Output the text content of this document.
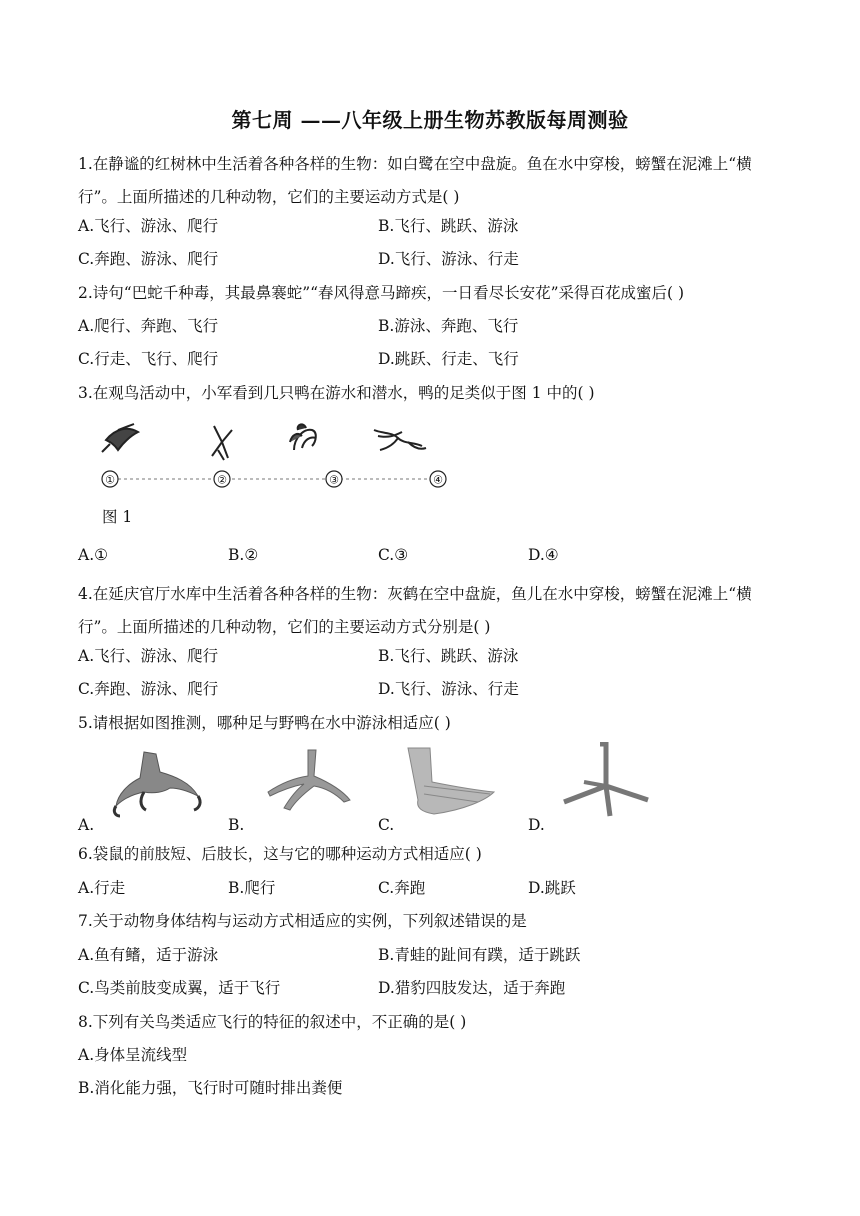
第七周 ——八年级上册生物苏教版每周测验
1.在静谧的红树林中生活着各种各样的生物：如白鹭在空中盘旋。鱼在水中穿梭，螃蟹在泥滩上“横行”。上面所描述的几种动物，它们的主要运动方式是( )
A.飞行、游泳、爬行	B.飞行、跳跃、游泳
C.奔跑、游泳、爬行	D.飞行、游泳、行走
2.诗句“巴蛇千种毒，其最鼻褰蛇”“春风得意马蹄疾，一日看尽长安花”采得百花成蜜后( )
A.爬行、奔跑、飞行	B.游泳、奔跑、飞行
C.行走、飞行、爬行	D.跳跃、行走、飞行
3.在观鸟活动中，小军看到几只鸭在游水和潜水，鸭的足类似于图 1 中的( )
①	②	③	④
图 1
A.①	B.②	C.③	D.④
4.在延庆官厅水库中生活着各种各样的生物：灰鹤在空中盘旋，鱼儿在水中穿梭，螃蟹在泥滩上“横行”。上面所描述的几种动物，它们的主要运动方式分别是( )
A.飞行、游泳、爬行	B.飞行、跳跃、游泳
C.奔跑、游泳、爬行	D.飞行、游泳、行走
5.请根据如图推测，哪种足与野鸭在水中游泳相适应( )
A.	B.	C.	D.
6.袋鼠的前肢短、后肢长，这与它的哪种运动方式相适应( )
A.行走	B.爬行	C.奔跑	D.跳跃
7.关于动物身体结构与运动方式相适应的实例，下列叙述错误的是
A.鱼有鳍，适于游泳	B.青蛙的趾间有蹼，适于跳跃
C.鸟类前肢变成翼，适于飞行	D.猎豹四肢发达，适于奔跑
8.下列有关鸟类适应飞行的特征的叙述中，不正确的是( )
A.身体呈流线型
B.消化能力强，飞行时可随时排出粪便
